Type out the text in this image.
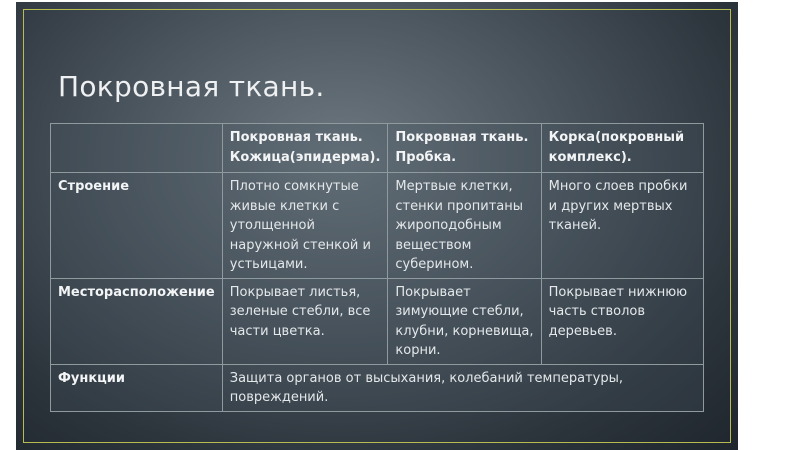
Покровная ткань.
	Покровная ткань. Кожица(эпидерма).	Покровная ткань. Пробка.	Корка(покровный комплекс).
Строение	Плотно сомкнутые живые клетки с утолщенной наружной стенкой и устьицами.	Мертвые клетки, стенки пропитаны жироподобным веществом суберином.	Много слоев пробки и других мертвых тканей.
Месторасположение	Покрывает листья, зеленые стебли, все части цветка.	Покрывает зимующие стебли, клубни, корневища, корни.	Покрывает нижнюю часть стволов деревьев.
Функции	Защита органов от высыхания, колебаний температуры, повреждений.		
